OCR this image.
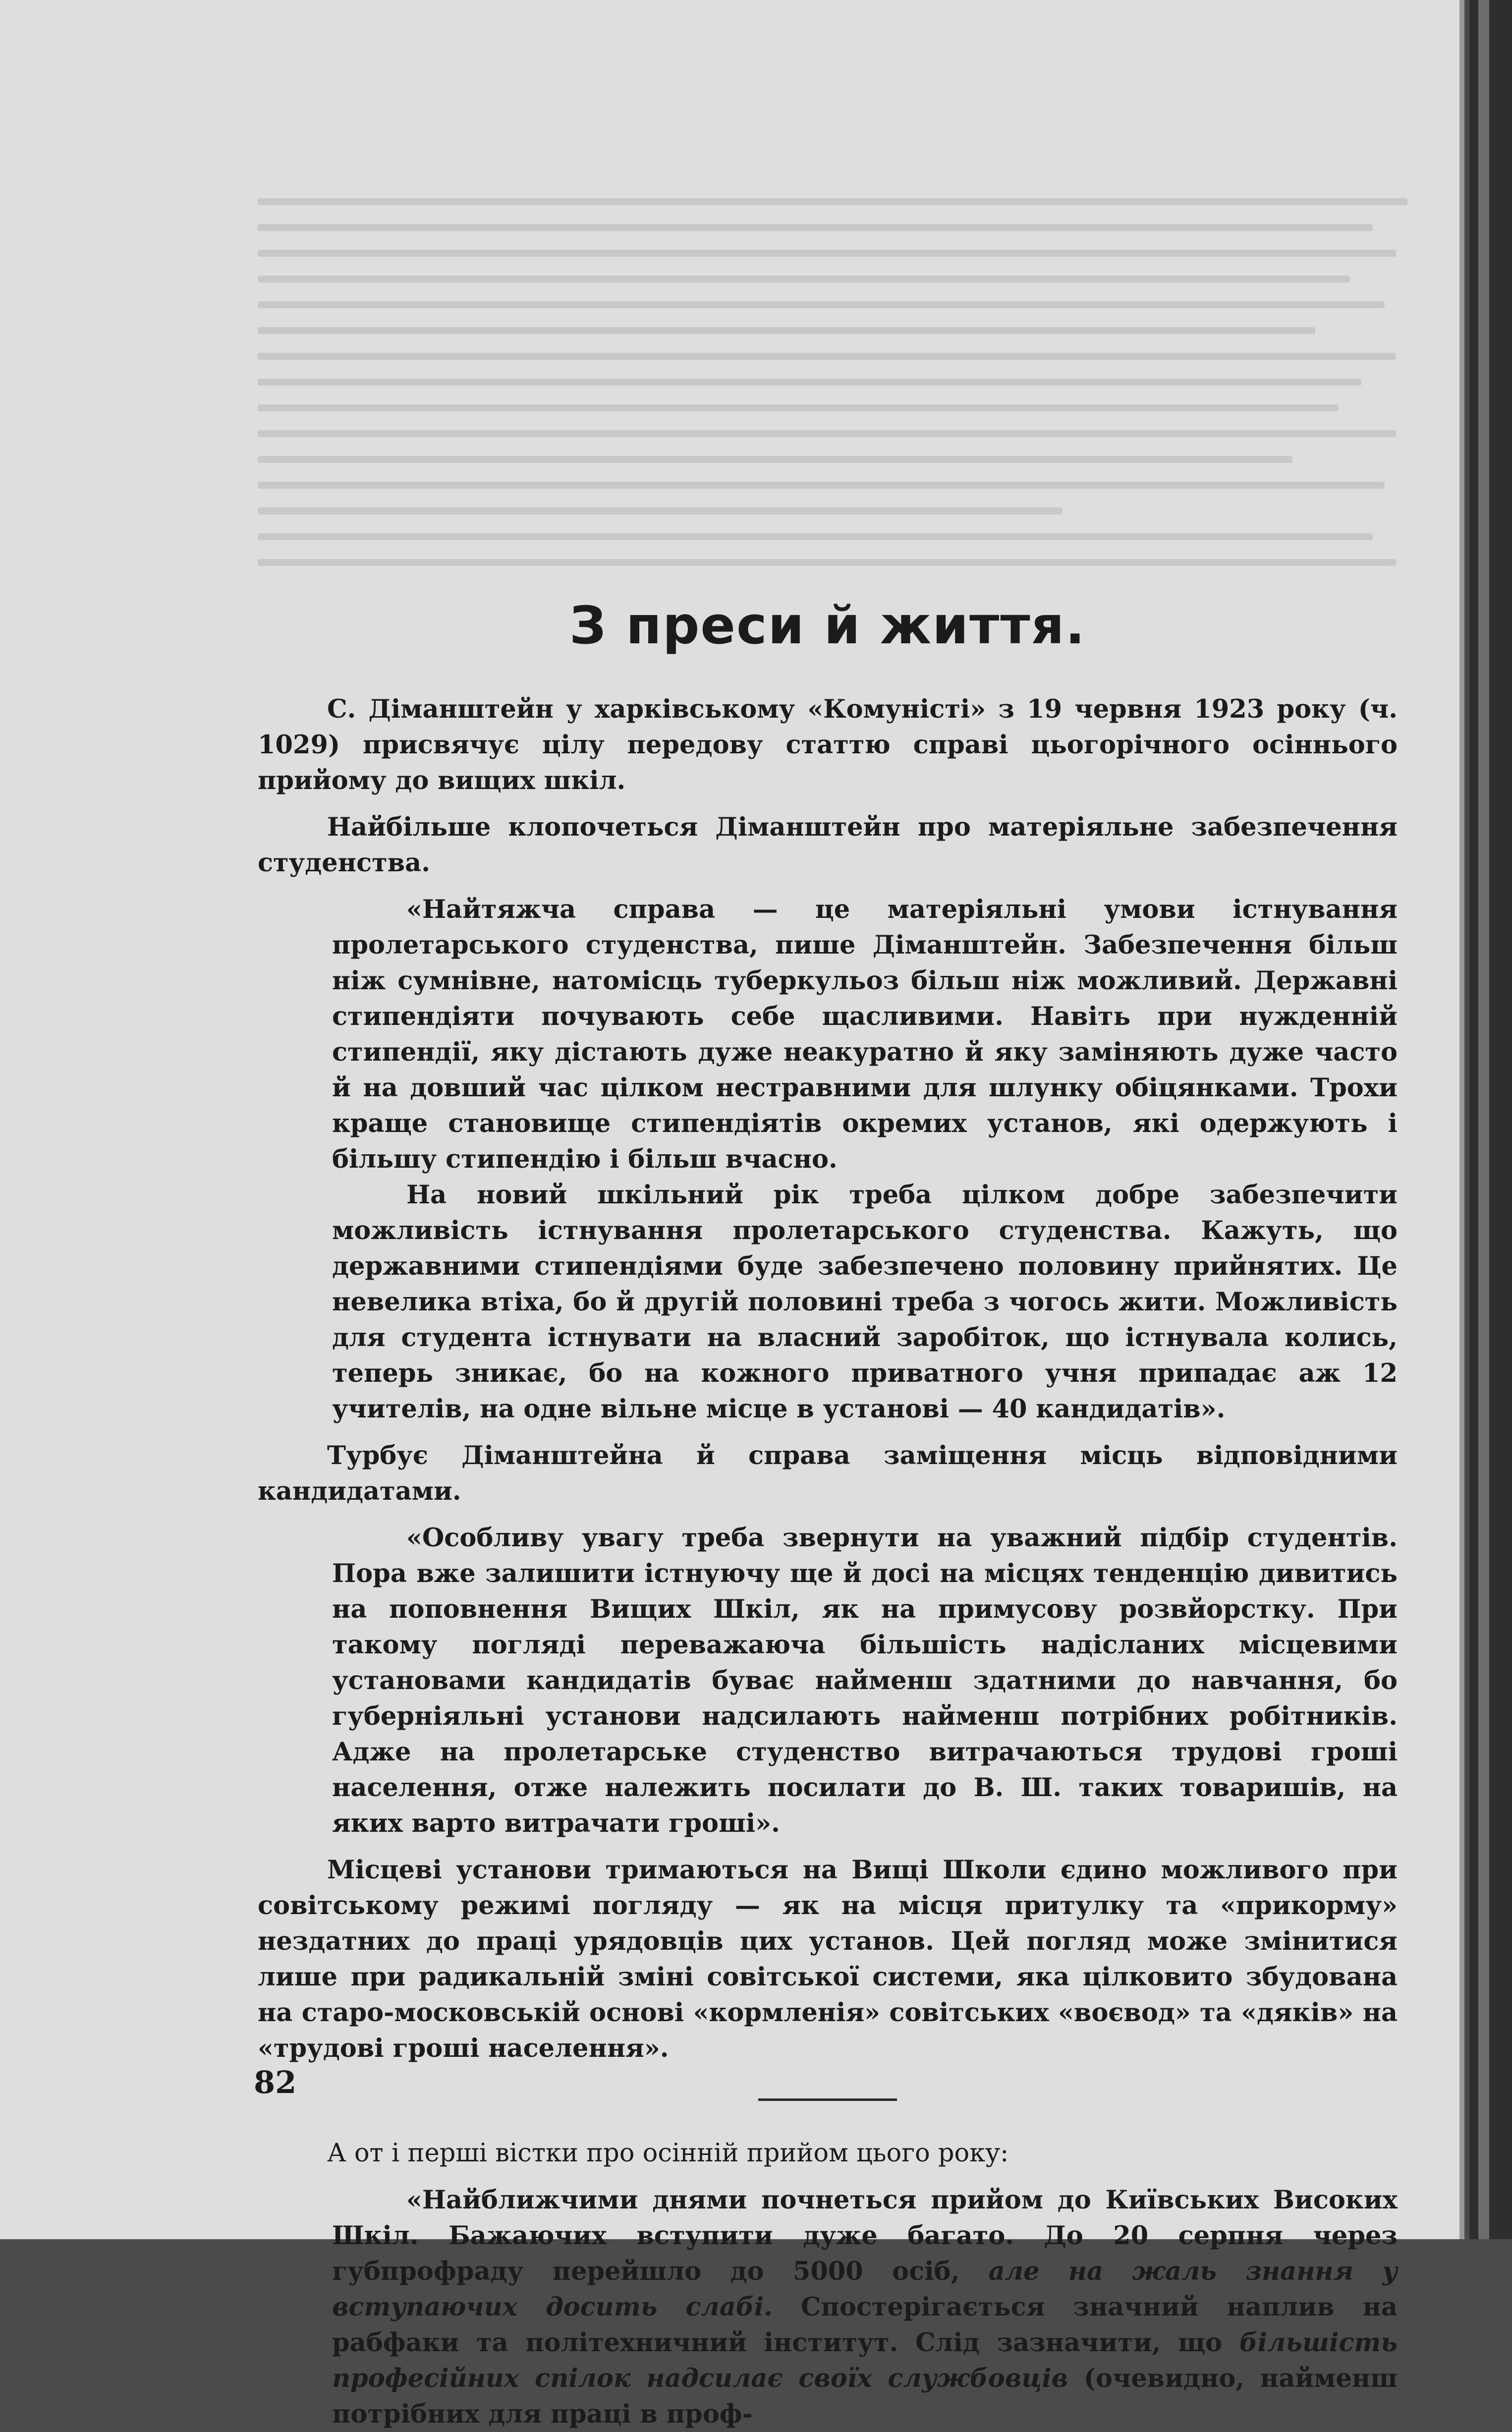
З преси й життя.

С. Діманштейн у харківському «Комуністі» з 19 червня 1923 року (ч. 1029) присвячує цілу передову статтю справі цьогорічного осіннього прийому до вищих шкіл.

Найбільше клопочеться Діманштейн про матеріяльне забезпечення студенства.

«Найтяжча справа — це матеріяльні умови істнування пролетарського студенства, пише Діманштейн. Забезпечення більш ніж сумнівне, натомісць туберкульоз більш ніж можливий. Державні стипендіяти почувають себе щасливими. Навіть при нужденній стипендії, яку дістають дуже неакуратно й яку заміняють дуже часто й на довший час цілком нестравними для шлунку обіцянками. Трохи краще становище стипендіятів окремих установ, які одержують і більшу стипендію і більш вчасно.

На новий шкільний рік треба цілком добре забезпечити можливість істнування пролетарського студенства. Кажуть, що державними стипендіями буде забезпечено половину прийнятих. Це невелика втіха, бо й другій половині треба з чогось жити. Можливість для студента істнувати на власний заробіток, що істнувала колись, теперь зникає, бо на кожного приватного учня припадає аж 12 учителів, на одне вільне місце в установі — 40 кандидатів».

Турбує Діманштейна й справа заміщення місць відповідними кандидатами.

«Особливу увагу треба звернути на уважний підбір студентів. Пора вже залишити істнуючу ще й досі на місцях тенденцію дивитись на поповнення Вищих Шкіл, як на примусову розвйорстку. При такому погляді переважаюча більшість надісланих місцевими установами кандидатів буває найменш здатними до навчання, бо губерніяльні установи надсилають найменш потрібних робітників. Адже на пролетарське студенство витрачаються трудові гроші населення, отже належить посилати до В. Ш. таких товаришів, на яких варто витрачати гроші».

Місцеві установи тримаються на Вищі Школи єдино можливого при совітському режимі погляду — як на місця притулку та «прикорму» нездатних до праці урядовців цих установ. Цей погляд може змінитися лише при радикальній зміні совітської системи, яка цілковито збудована на старо-московській основі «кормленія» совітських «воєвод» та «дяків» на «трудові гроші населення».

А от і перші вістки про осінній прийом цього року:

«Найближчими днями почнеться прийом до Київських Високих Шкіл. Бажаючих вступити дуже багато. До 20 серпня через губпрофраду перейшло до 5000 осіб, але на жаль знання у вступаючих досить слабі. Спостерігається значний наплив на рабфаки та політехничний інститут. Слід зазначити, що більшість професійних спілок надсилає своїх службовців (очевидно, найменш потрібних для праці в проф-

82
